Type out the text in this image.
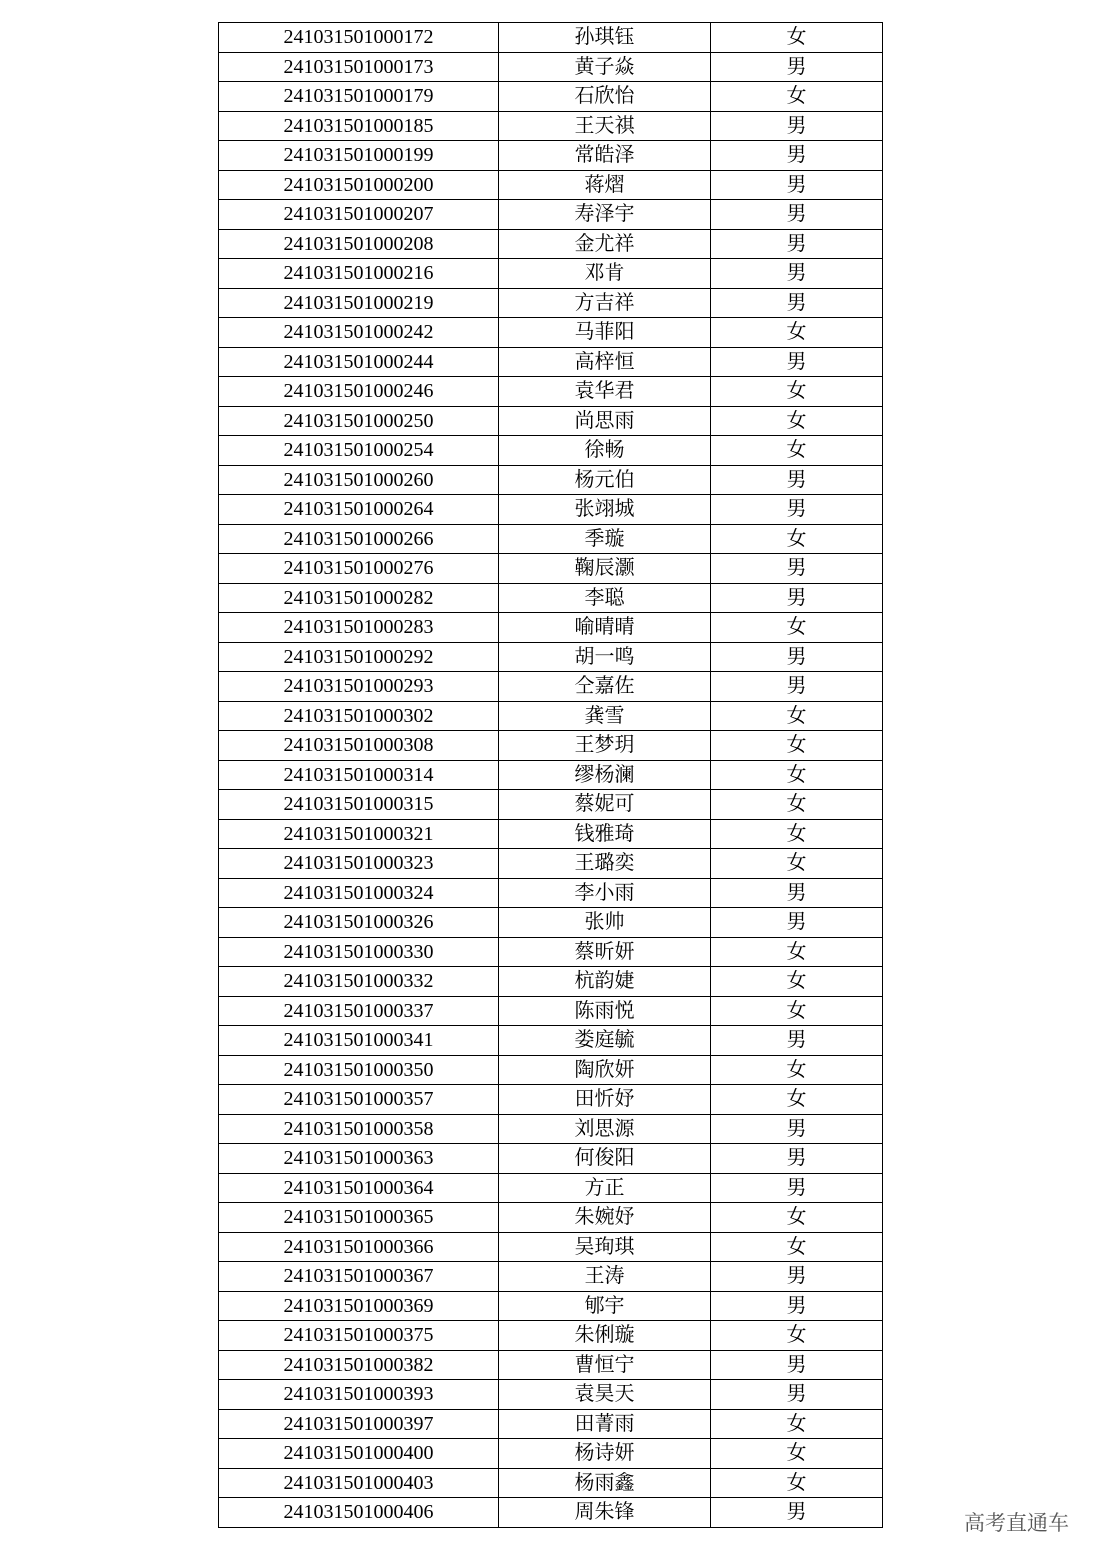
241031501000172	孙琪钰	女
241031501000173	黄子焱	男
241031501000179	石欣怡	女
241031501000185	王天祺	男
241031501000199	常皓泽	男
241031501000200	蒋熠	男
241031501000207	寿泽宇	男
241031501000208	金尤祥	男
241031501000216	邓肯	男
241031501000219	方吉祥	男
241031501000242	马菲阳	女
241031501000244	高梓恒	男
241031501000246	袁华君	女
241031501000250	尚思雨	女
241031501000254	徐畅	女
241031501000260	杨元伯	男
241031501000264	张翊城	男
241031501000266	季璇	女
241031501000276	鞠辰灏	男
241031501000282	李聪	男
241031501000283	喻晴晴	女
241031501000292	胡一鸣	男
241031501000293	仝嘉佐	男
241031501000302	龚雪	女
241031501000308	王梦玥	女
241031501000314	缪杨澜	女
241031501000315	蔡妮可	女
241031501000321	钱雅琦	女
241031501000323	王璐奕	女
241031501000324	李小雨	男
241031501000326	张帅	男
241031501000330	蔡昕妍	女
241031501000332	杭韵婕	女
241031501000337	陈雨悦	女
241031501000341	娄庭毓	男
241031501000350	陶欣妍	女
241031501000357	田忻妤	女
241031501000358	刘思源	男
241031501000363	何俊阳	男
241031501000364	方正	男
241031501000365	朱婉妤	女
241031501000366	吴珣琪	女
241031501000367	王涛	男
241031501000369	郇宇	男
241031501000375	朱俐璇	女
241031501000382	曹恒宁	男
241031501000393	袁昊天	男
241031501000397	田菁雨	女
241031501000400	杨诗妍	女
241031501000403	杨雨鑫	女
241031501000406	周朱锋	男	高考直通车
